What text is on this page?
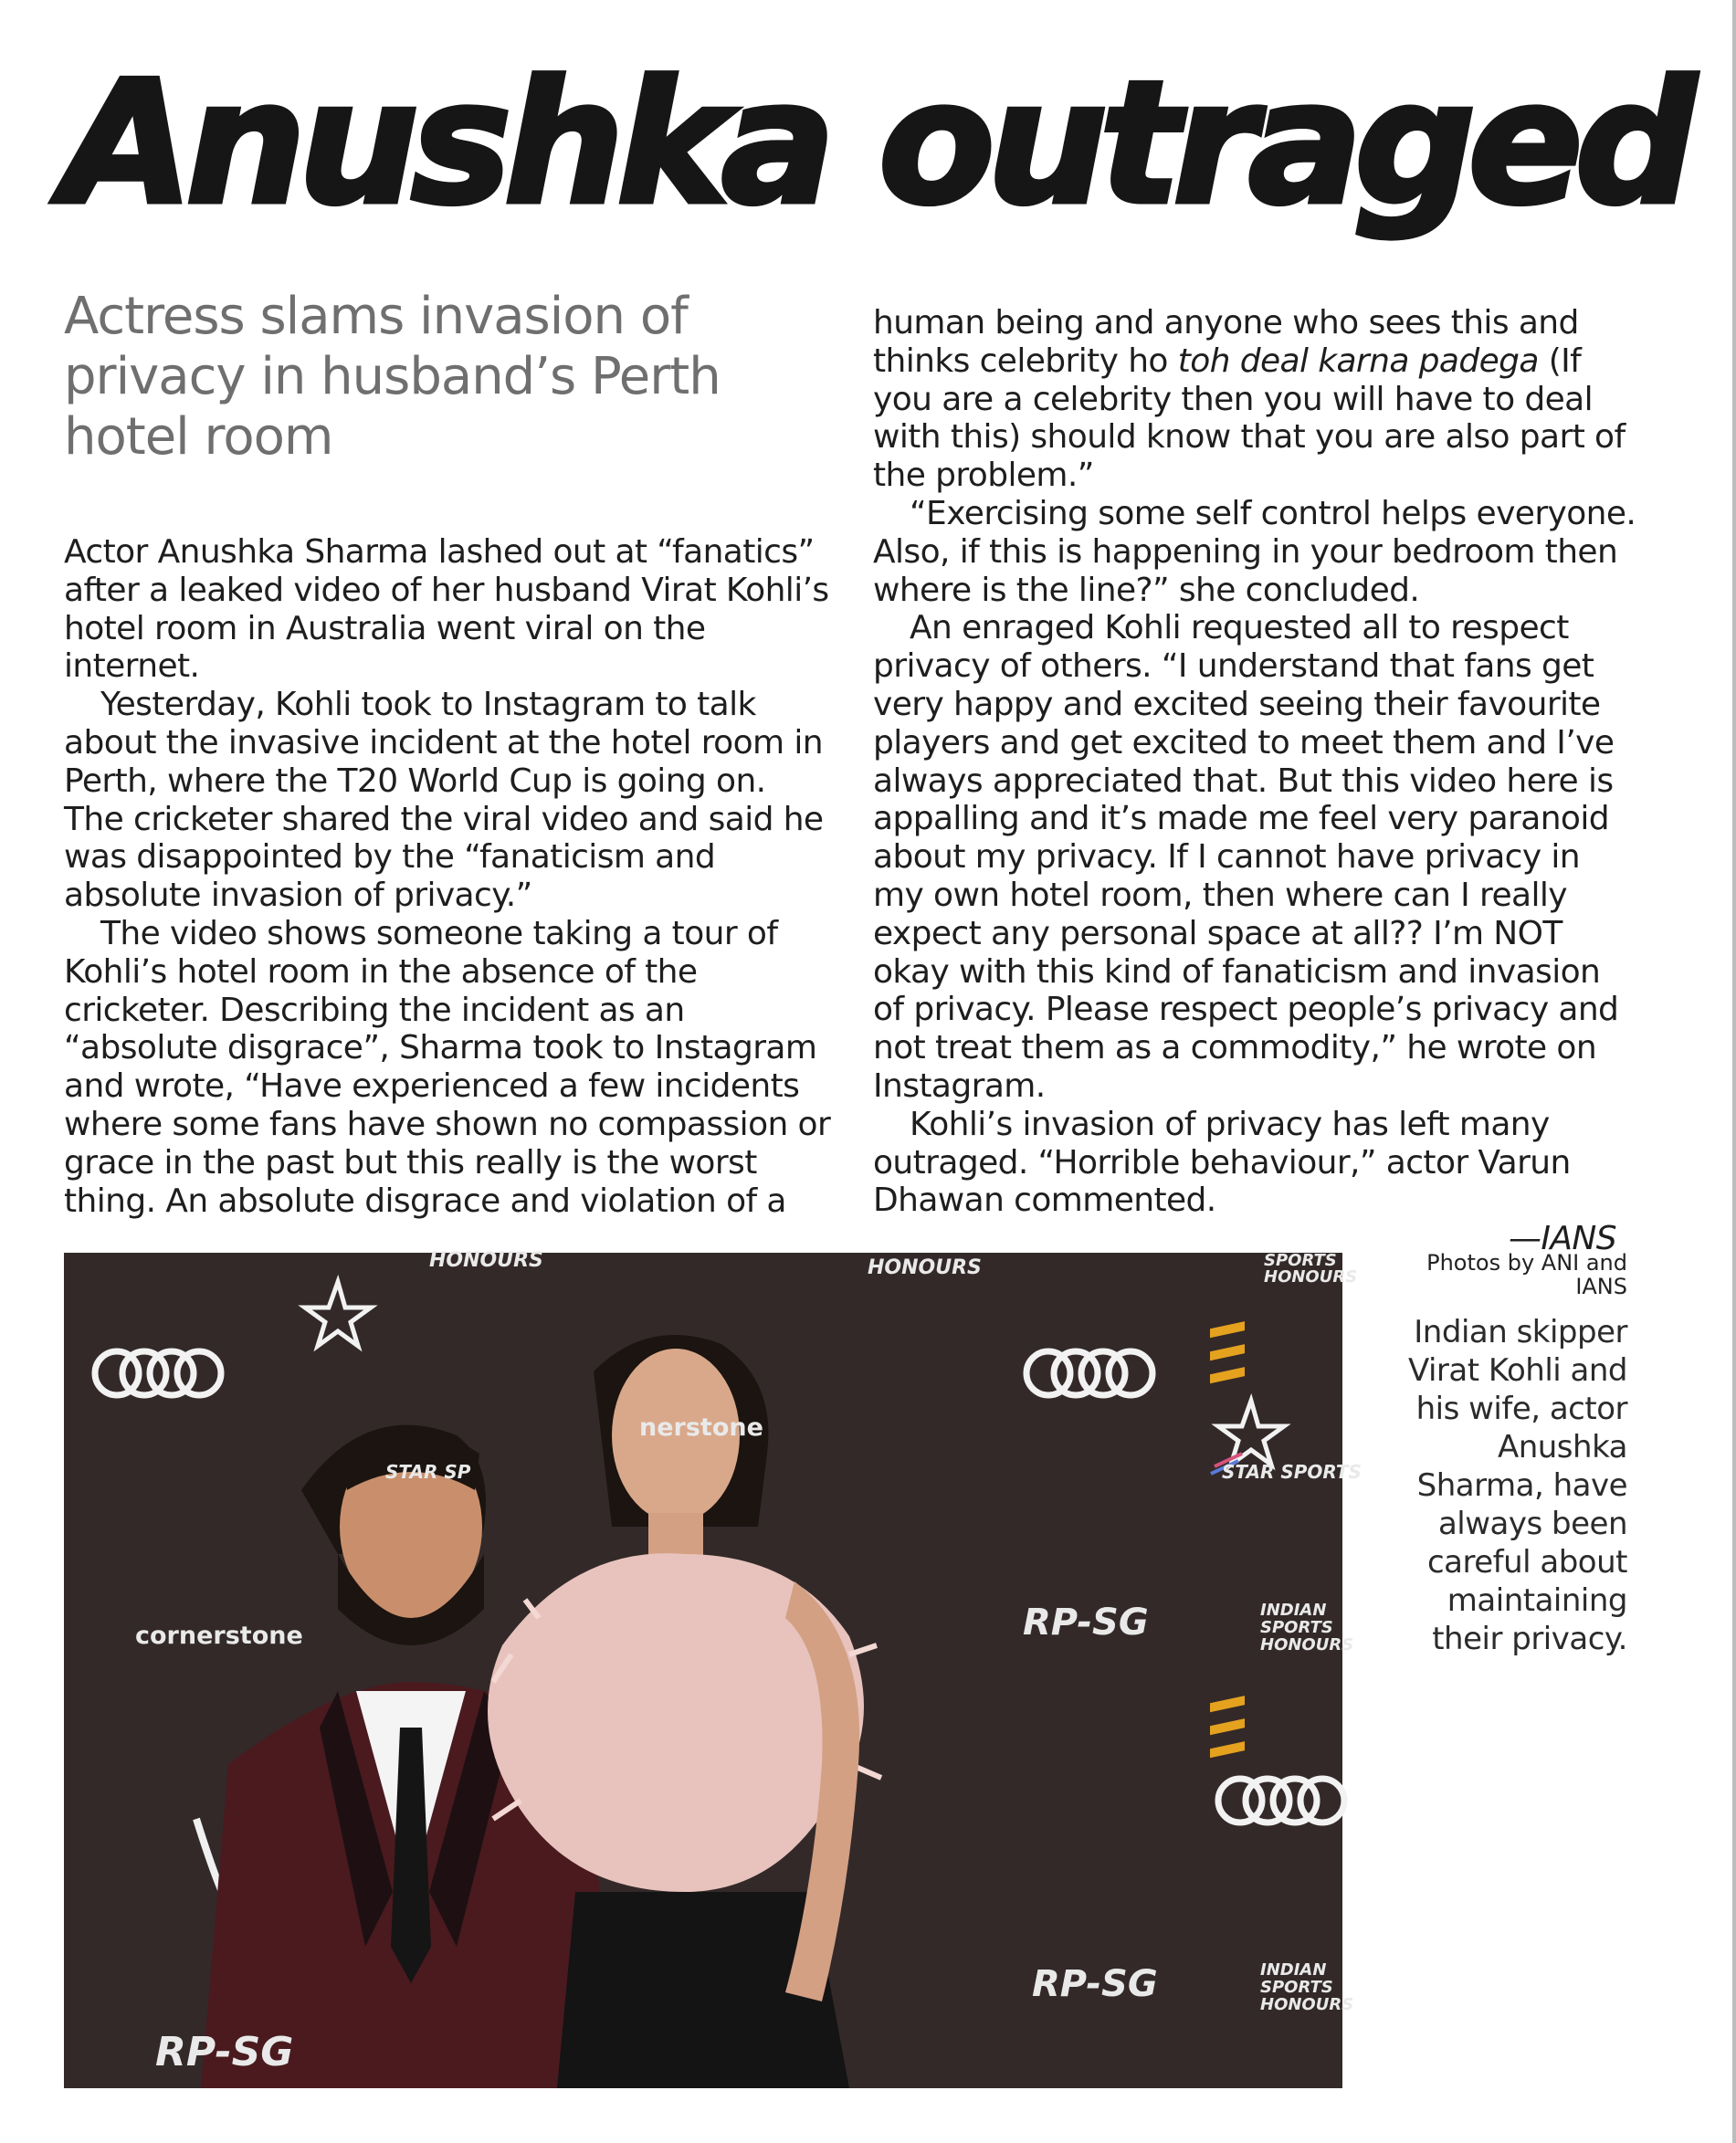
Anushka outraged
Actress slams invasion of privacy in husband’s Perth hotel room

Actor Anushka Sharma lashed out at “fanatics” after a leaked video of her husband Virat Kohli’s hotel room in Australia went viral on the internet.

Yesterday, Kohli took to Instagram to talk about the invasive incident at the hotel room in Perth, where the T20 World Cup is going on. The cricketer shared the viral video and said he was disappointed by the “fanaticism and absolute invasion of privacy.”

The video shows someone taking a tour of Kohli’s hotel room in the absence of the cricketer. Describing the incident as an “absolute disgrace”, Sharma took to Instagram and wrote, “Have experienced a few incidents where some fans have shown no compassion or grace in the past but this really is the worst thing. An absolute disgrace and violation of a

human being and anyone who sees this and thinks celebrity ho toh deal karna padega (If you are a celebrity then you will have to deal with this) should know that you are also part of the problem.”

“Exercising some self control helps everyone. Also, if this is happening in your bedroom then where is the line?” she concluded.

An enraged Kohli requested all to respect privacy of others. “I understand that fans get very happy and excited seeing their favourite players and get excited to meet them and I’ve always appreciated that. But this video here is appalling and it’s made me feel very paranoid about my privacy. If I cannot have privacy in my own hotel room, then where can I really expect any personal space at all?? I’m NOT okay with this kind of fanaticism and invasion of privacy. Please respect people’s privacy and not treat them as a commodity,” he wrote on Instagram.

Kohli’s invasion of privacy has left many outraged. “Horrible behaviour,” actor Varun Dhawan commented.

—IANS

HONOURS	HONOURS	SPORTS HONOURS
nerstone
cornerstone
STAR SP	STAR SPORTS
RP-SG
RP-SG
RP-SG
INDIAN SPORTS HONOURS
INDIAN SPORTS HONOURS

Photos by ANI and IANS

Indian skipper Virat Kohli and his wife, actor Anushka Sharma, have always been careful about maintaining their privacy.
